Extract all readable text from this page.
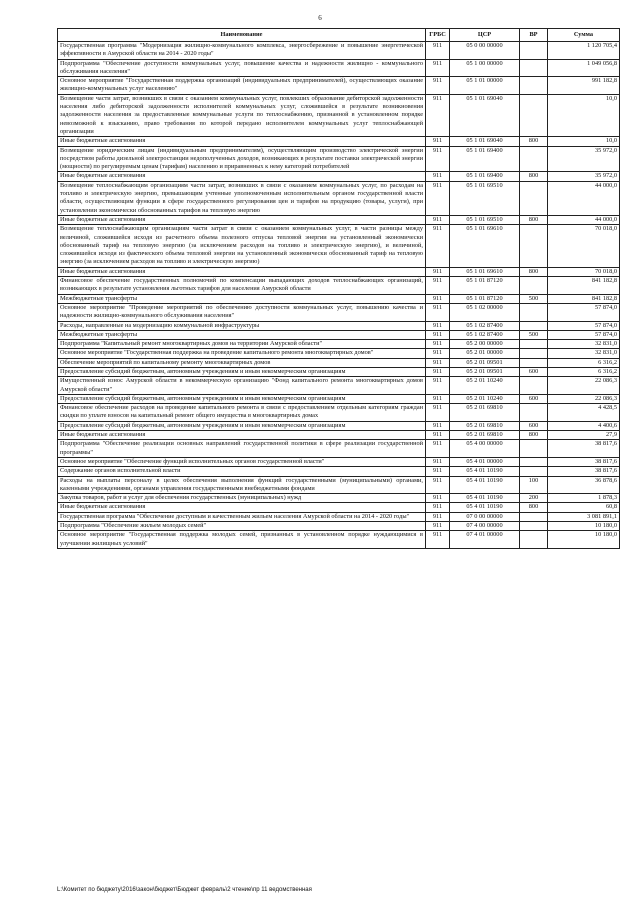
6
Наименование	ГРБС	ЦСР	ВР	Сумма
Государственная программа "Модернизация жилищно-коммунального комплекса, энергосбережение и повышение энергетической эффективности в Амурской области на 2014 - 2020 годы"	911	05 0 00 00000		1 120 705,4
Подпрограмма "Обеспечение доступности коммунальных услуг, повышение качества и надежности жилищно - коммунального обслуживания населения"	911	05 1 00 00000		1 049 056,8
Основное мероприятие "Государственная поддержка организаций (индивидуальных предпринимателей), осуществляющих оказание жилищно-коммунальных услуг населению"	911	05 1 01 00000		991 182,8
Возмещение части затрат, возникших в связи с оказанием коммунальных услуг, повлекших образование дебиторской задолженности населения либо дебиторской задолженности исполнителей коммунальных услуг, сложившейся в результате возникновения задолженности населения за предоставленные коммунальные услуги по теплоснабжению, признанной в установленном порядке невозможной к взысканию, право требования по которой передано исполнителем коммунальных услуг теплоснабжающей организации	911	05 1 01 69040		10,0
Иные бюджетные ассигнования	911	05 1 01 69040	800	10,0
Возмещение юридическим лицам (индивидуальным предпринимателям), осуществляющим производство электрической энергии посредством работы дизельной электростанции недополученных доходов, возникающих в результате поставки электрической энергии (мощности) по регулируемым ценам (тарифам) населению и приравненных к нему категорий потребителей	911	05 1 01 69400		35 972,0
Иные бюджетные ассигнования	911	05 1 01 69400	800	35 972,0
Возмещение теплоснабжающим организациям части затрат, возникших в связи с оказанием коммунальных услуг, по расходам на топливо и электрическую энергию, превышающим учтенные уполномоченным исполнительным органом государственной власти области, осуществляющим функции в сфере государственного регулирования цен и тарифов на продукцию (товары, услуги), при установлении экономически обоснованных тарифов на тепловую энергию	911	05 1 01 69510		44 000,0
Иные бюджетные ассигнования	911	05 1 01 69510	800	44 000,0
Возмещение теплоснабжающим организациям части затрат в связи с оказанием коммунальных услуг, в части разницы между величиной, сложившейся исходя из расчетного объема полезного отпуска тепловой энергии на установленный экономически обоснованный тариф на тепловую энергию (за исключением расходов на топливо и электрическую энергию), и величиной, сложившейся исходя из фактического объема тепловой энергии на установленный экономически обоснованный тариф на тепловую энергию (за исключением расходов на топливо и электрическую энергию)	911	05 1 01 69610		70 018,0
Иные бюджетные ассигнования	911	05 1 01 69610	800	70 018,0
Финансовое обеспечение государственных полномочий по компенсации выпадающих доходов теплоснабжающих организаций, возникающих в результате установления льготных тарифов для населения Амурской области	911	05 1 01 87120		841 182,8
Межбюджетные трансферты	911	05 1 01 87120	500	841 182,8
Основное мероприятие "Проведение мероприятий по обеспечению доступности коммунальных услуг, повышению качества и надежности жилищно-коммунального обслуживания населения"	911	05 1 02 00000		57 874,0
Расходы, направленные на модернизацию коммунальной инфраструктуры	911	05 1 02 87400		57 874,0
Межбюджетные трансферты	911	05 1 02 87400	500	57 874,0
Подпрограмма "Капитальный ремонт многоквартирных домов на территории Амурской области"	911	05 2 00 00000		32 831,0
Основное мероприятие "Государственная поддержка на проведение капитального ремонта многоквартирных домов"	911	05 2 01 00000		32 831,0
Обеспечение мероприятий по капитальному ремонту многоквартирных домов	911	05 2 01 09501		6 316,2
Предоставление субсидий бюджетным, автономным учреждениям и иным некоммерческим организациям	911	05 2 01 09501	600	6 316,2
Имущественный взнос Амурской области в некоммерческую организацию "Фонд капитального ремонта многоквартирных домов Амурской области"	911	05 2 01 10240		22 086,3
Предоставление субсидий бюджетным, автономным учреждениям и иным некоммерческим организациям	911	05 2 01 10240	600	22 086,3
Финансовое обеспечение расходов на проведение капитального ремонта в связи с предоставлением отдельным категориям граждан скидки по уплате взносов на капитальный ремонт общего имущества в многоквартирных домах	911	05 2 01 69810		4 428,5
Предоставление субсидий бюджетным, автономным учреждениям и иным некоммерческим организациям	911	05 2 01 69810	600	4 400,6
Иные бюджетные ассигнования	911	05 2 01 69810	800	27,9
Подпрограмма "Обеспечение реализации основных направлений государственной политики в сфере реализации государственной программы"	911	05 4 00 00000		38 817,6
Основное мероприятие "Обеспечение функций исполнительных органов государственной власти"	911	05 4 01 00000		38 817,6
Содержание органов исполнительной власти	911	05 4 01 10190		38 817,6
Расходы на выплаты персоналу в целях обеспечения выполнения функций государственными (муниципальными) органами, казенными учреждениями, органами управления государственными внебюджетными фондами	911	05 4 01 10190	100	36 878,6
Закупка товаров, работ и услуг для обеспечения государственных (муниципальных) нужд	911	05 4 01 10190	200	1 878,3
Иные бюджетные ассигнования	911	05 4 01 10190	800	60,8
Государственная программа "Обеспечение доступным и качественным жильем населения Амурской области на 2014 - 2020 годы"	911	07 0 00 00000		3 081 891,1
Подпрограмма "Обеспечение жильем молодых семей"	911	07 4 00 00000		10 180,0
Основное мероприятие "Государственная поддержка молодых семей, признанных в установленном порядке нуждающимися в улучшении жилищных условий"	911	07 4 01 00000		10 180,0
L:\Комитет по бюджету\2016\закон\бюджет\Бюджет февраль\2 чтение\пр 11 ведомственная
